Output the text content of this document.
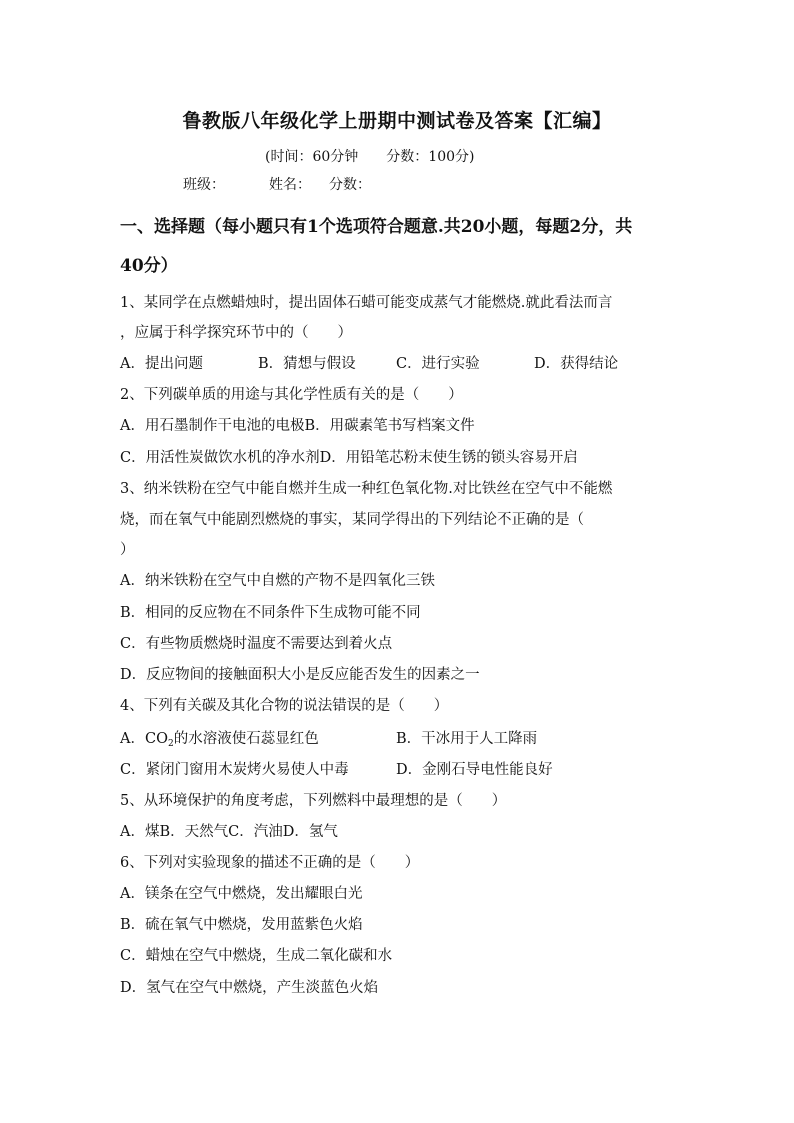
鲁教版八年级化学上册期中测试卷及答案【汇编】
(时间：60分钟 分数：100分)
班级：	姓名： 分数：
一、选择题（每小题只有1个选项符合题意.共20小题，每题2分，共
40分）
1、某同学在点燃蜡烛时，提出固体石蜡可能变成蒸气才能燃烧.就此看法而言
，应属于科学探究环节中的（　　）
A．提出问题	B．猜想与假设	C．进行实验	D．获得结论
2、下列碳单质的用途与其化学性质有关的是（　　）
A．用石墨制作干电池的电极B．用碳素笔书写档案文件
C．用活性炭做饮水机的净水剂D．用铅笔芯粉末使生锈的锁头容易开启
3、纳米铁粉在空气中能自燃并生成一种红色氧化物.对比铁丝在空气中不能燃
烧，而在氧气中能剧烈燃烧的事实，某同学得出的下列结论不正确的是（
）
A．纳米铁粉在空气中自燃的产物不是四氧化三铁
B．相同的反应物在不同条件下生成物可能不同
C．有些物质燃烧时温度不需要达到着火点
D．反应物间的接触面积大小是反应能否发生的因素之一
4、下列有关碳及其化合物的说法错误的是（　　）
A．$CO_2$的水溶液使石蕊显红色	B．干冰用于人工降雨
C．紧闭门窗用木炭烤火易使人中毒	D．金刚石导电性能良好
5、从环境保护的角度考虑，下列燃料中最理想的是（　　）
A．煤B．天然气C．汽油D．氢气
6、下列对实验现象的描述不正确的是（　　）
A．镁条在空气中燃烧，发出耀眼白光
B．硫在氧气中燃烧，发用蓝紫色火焰
C．蜡烛在空气中燃烧，生成二氧化碳和水
D．氢气在空气中燃烧，产生淡蓝色火焰
